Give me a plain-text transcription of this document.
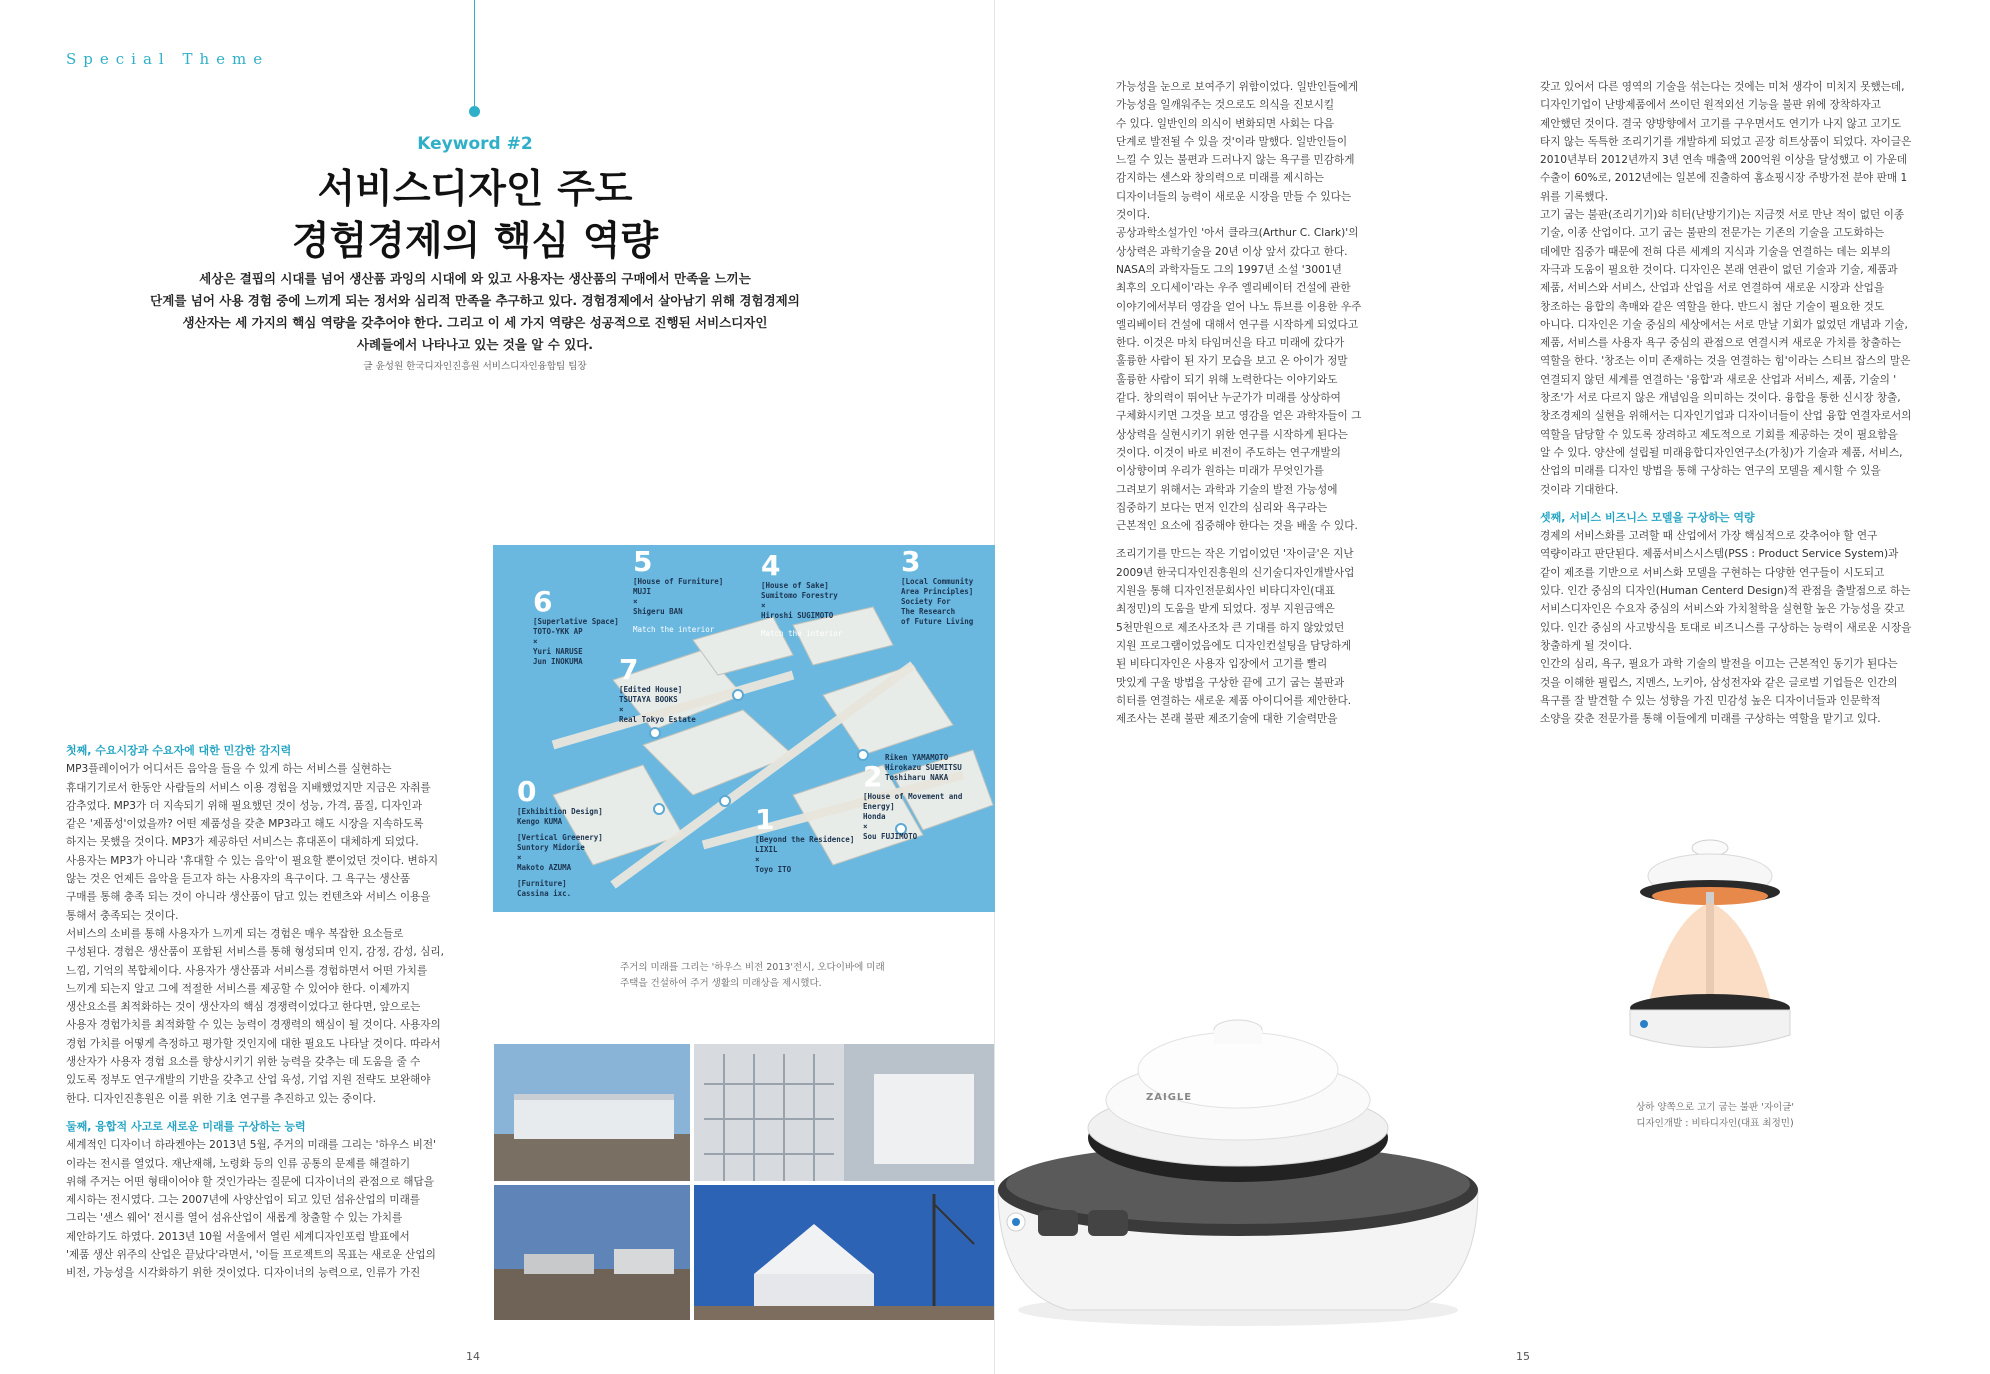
Special Theme
Keyword #2
서비스디자인 주도
경험경제의 핵심 역량
세상은 결핍의 시대를 넘어 생산품 과잉의 시대에 와 있고 사용자는 생산품의 구매에서 만족을 느끼는
단계를 넘어 사용 경험 중에 느끼게 되는 정서와 심리적 만족을 추구하고 있다. 경험경제에서 살아남기 위해 경험경제의
생산자는 세 가지의 핵심 역량을 갖추어야 한다. 그리고 이 세 가지 역량은 성공적으로 진행된 서비스디자인
사례들에서 나타나고 있는 것을 알 수 있다.
글 윤성원 한국디자인진흥원 서비스디자인융합팀 팀장

첫째, 수요시장과 수요자에 대한 민감한 감지력

MP3플레이어가 어디서든 음악을 들을 수 있게 하는 서비스를 실현하는

휴대기기로서 한동안 사람들의 서비스 이용 경험을 지배했었지만 지금은 자취를

감추었다. MP3가 더 지속되기 위해 필요했던 것이 성능, 가격, 품질, 디자인과

같은 '제품성'이었을까? 어떤 제품성을 갖춘 MP3라고 해도 시장을 지속하도록

하지는 못했을 것이다. MP3가 제공하던 서비스는 휴대폰이 대체하게 되었다.

사용자는 MP3가 아니라 '휴대할 수 있는 음악'이 필요할 뿐이었던 것이다. 변하지

않는 것은 언제든 음악을 듣고자 하는 사용자의 욕구이다. 그 욕구는 생산품

구매를 통해 충족 되는 것이 아니라 생산품이 담고 있는 컨텐츠와 서비스 이용을

통해서 충족되는 것이다.

서비스의 소비를 통해 사용자가 느끼게 되는 경험은 매우 복잡한 요소들로

구성된다. 경험은 생산품이 포함된 서비스를 통해 형성되며 인지, 감정, 감성, 심리,

느낌, 기억의 복합체이다. 사용자가 생산품과 서비스를 경험하면서 어떤 가치를

느끼게 되는지 알고 그에 적절한 서비스를 제공할 수 있어야 한다. 이제까지

생산요소를 최적화하는 것이 생산자의 핵심 경쟁력이었다고 한다면, 앞으로는

사용자 경험가치를 최적화할 수 있는 능력이 경쟁력의 핵심이 될 것이다. 사용자의

경험 가치를 어떻게 측정하고 평가할 것인지에 대한 필요도 나타날 것이다. 따라서

생산자가 사용자 경험 요소를 향상시키기 위한 능력을 갖추는 데 도움을 줄 수

있도록 정부도 연구개발의 기반을 갖추고 산업 육성, 기업 지원 전략도 보완해야

한다. 디자인진흥원은 이를 위한 기초 연구를 추진하고 있는 중이다.

둘째, 융합적 사고로 새로운 미래를 구상하는 능력

세계적인 디자이너 하라켄야는 2013년 5월, 주거의 미래를 그리는 '하우스 비전'

이라는 전시를 열었다. 재난재해, 노령화 등의 인류 공통의 문제를 해결하기

위해 주거는 어떤 형태이어야 할 것인가라는 질문에 디자이너의 관점으로 해답을

제시하는 전시였다. 그는 2007년에 사양산업이 되고 있던 섬유산업의 미래를

그리는 '센스 웨어' 전시를 열어 섬유산업이 새롭게 창출할 수 있는 가치를

제안하기도 하였다. 2013년 10월 서울에서 열린 세계디자인포럼 발표에서

'제품 생산 위주의 산업은 끝났다'라면서, '이들 프로젝트의 목표는 새로운 산업의

비전, 가능성을 시각화하기 위한 것이었다. 디자이너의 능력으로, 인류가 가진

6
[Superlative Space]
TOTO-YKK AP
×
Yuri NARUSE
Jun INOKUMA
5
[House of Furniture]
MUJI
×
Shigeru BAN
Match the interior
4
[House of Sake]
Sumitomo Forestry
×
Hiroshi SUGIMOTO
Match the interior
3
[Local Community Area Principles]
Society For
The Research
of Future Living
7
[Edited House]
TSUTAYA BOOKS
×
Real Tokyo Estate
Riken YAMAMOTO
Hirokazu SUEMITSU
Toshiharu NAKA
0
[Exhibition Design]
Kengo KUMA
[Vertical Greenery]
Suntory Midorie
×
Makoto AZUMA
[Furniture]
Cassina ixc.
1
[Beyond the Residence]
LIXIL
×
Toyo ITO
2
[House of Movement and Energy]
Honda
×
Sou FUJIMOTO
주거의 미래를 그리는 '하우스 비전 2013'전시, 오다이바에 미래
주택을 건설하여 주거 생활의 미래상을 제시했다.
14

가능성을 눈으로 보여주기 위함이었다. 일반인들에게

가능성을 일깨워주는 것으로도 의식을 진보시킬

수 있다. 일반인의 의식이 변화되면 사회는 다음

단계로 발전될 수 있을 것'이라 말했다. 일반인들이

느낄 수 있는 불편과 드러나지 않는 욕구를 민감하게

감지하는 센스와 창의력으로 미래를 제시하는

디자이너들의 능력이 새로운 시장을 만들 수 있다는

것이다.

공상과학소설가인 '아서 클라크(Arthur C. Clark)'의

상상력은 과학기술을 20년 이상 앞서 갔다고 한다.

NASA의 과학자들도 그의 1997년 소설 '3001년

최후의 오디세이'라는 우주 엘리베이터 건설에 관한

이야기에서부터 영감을 얻어 나노 튜브를 이용한 우주

엘리베이터 건설에 대해서 연구를 시작하게 되었다고

한다. 이것은 마치 타임머신을 타고 미래에 갔다가

훌륭한 사람이 된 자기 모습을 보고 온 아이가 정말

훌륭한 사람이 되기 위해 노력한다는 이야기와도

같다. 창의력이 뛰어난 누군가가 미래를 상상하여

구체화시키면 그것을 보고 영감을 얻은 과학자들이 그

상상력을 실현시키기 위한 연구를 시작하게 된다는

것이다. 이것이 바로 비전이 주도하는 연구개발의

이상향이며 우리가 원하는 미래가 무엇인가를

그려보기 위해서는 과학과 기술의 발전 가능성에

집중하기 보다는 먼저 인간의 심리와 욕구라는

근본적인 요소에 집중해야 한다는 것을 배울 수 있다.

조리기기를 만드는 작은 기업이었던 '자이글'은 지난

2009년 한국디자인진흥원의 신기술디자인개발사업

지원을 통해 디자인전문회사인 비타디자인(대표

최정민)의 도움을 받게 되었다. 정부 지원금액은

5천만원으로 제조사조차 큰 기대를 하지 않았었던

지원 프로그램이었음에도 디자인컨설팅을 담당하게

된 비타디자인은 사용자 입장에서 고기를 빨리

맛있게 구울 방법을 구상한 끝에 고기 굽는 불판과

히터를 연결하는 새로운 제품 아이디어를 제안한다.

제조사는 본래 불판 제조기술에 대한 기술력만을

갖고 있어서 다른 영역의 기술을 섞는다는 것에는 미처 생각이 미치지 못했는데,

디자인기업이 난방제품에서 쓰이던 원적외선 기능을 불판 위에 장착하자고

제안했던 것이다. 결국 양방향에서 고기를 구우면서도 연기가 나지 않고 고기도

타지 않는 독특한 조리기기를 개발하게 되었고 곧장 히트상품이 되었다. 자이글은

2010년부터 2012년까지 3년 연속 매출액 200억원 이상을 달성했고 이 가운데

수출이 60%로, 2012년에는 일본에 진출하여 홈쇼핑시장 주방가전 분야 판매 1

위를 기록했다.

고기 굽는 불판(조리기기)와 히터(난방기기)는 지금껏 서로 만난 적이 없던 이종

기술, 이종 산업이다. 고기 굽는 불판의 전문가는 기존의 기술을 고도화하는

데에만 집중가 때문에 전혀 다른 세계의 지식과 기술을 연결하는 데는 외부의

자극과 도움이 필요한 것이다. 디자인은 본래 연관이 없던 기술과 기술, 제품과

제품, 서비스와 서비스, 산업과 산업을 서로 연결하여 새로운 시장과 산업을

창조하는 융합의 촉매와 같은 역할을 한다. 반드시 첨단 기술이 필요한 것도

아니다. 디자인은 기술 중심의 세상에서는 서로 만날 기회가 없었던 개념과 기술,

제품, 서비스를 사용자 욕구 중심의 관점으로 연결시켜 새로운 가치를 창출하는

역할을 한다. '창조는 이미 존재하는 것을 연결하는 힘'이라는 스티브 잡스의 말은

연결되지 않던 세계를 연결하는 '융합'과 새로운 산업과 서비스, 제품, 기술의 '

창조'가 서로 다르지 않은 개념임을 의미하는 것이다. 융합을 통한 신시장 창출,

창조경제의 실현을 위해서는 디자인기업과 디자이너들이 산업 융합 연결자로서의

역할을 담당할 수 있도록 장려하고 제도적으로 기회를 제공하는 것이 필요함을

알 수 있다. 양산에 설립될 미래융합디자인연구소(가칭)가 기술과 제품, 서비스,

산업의 미래를 디자인 방법을 통해 구상하는 연구의 모델을 제시할 수 있을

것이라 기대한다.

셋째, 서비스 비즈니스 모델을 구상하는 역량

경제의 서비스화를 고려할 때 산업에서 가장 핵심적으로 갖추어야 할 연구

역량이라고 판단된다. 제품서비스시스템(PSS : Product Service System)과

같이 제조를 기반으로 서비스화 모델을 구현하는 다양한 연구들이 시도되고

있다. 인간 중심의 디자인(Human Centerd Design)적 관점을 출발점으로 하는

서비스디자인은 수요자 중심의 서비스와 가치철학을 실현할 높은 가능성을 갖고

있다. 인간 중심의 사고방식을 토대로 비즈니스를 구상하는 능력이 새로운 시장을

창출하게 될 것이다.

인간의 심리, 욕구, 필요가 과학 기술의 발전을 이끄는 근본적인 동기가 된다는

것을 이해한 필립스, 지멘스, 노키아, 삼성전자와 같은 글로벌 기업들은 인간의

욕구를 잘 발견할 수 있는 성향을 가진 민감성 높은 디자이너들과 인문학적

소양을 갖춘 전문가를 통해 이들에게 미래를 구상하는 역할을 맡기고 있다.

ZAIGLE
상하 양쪽으로 고기 굽는 불판 '자이글'
디자인개발 : 비타디자인(대표 최정민)
15
